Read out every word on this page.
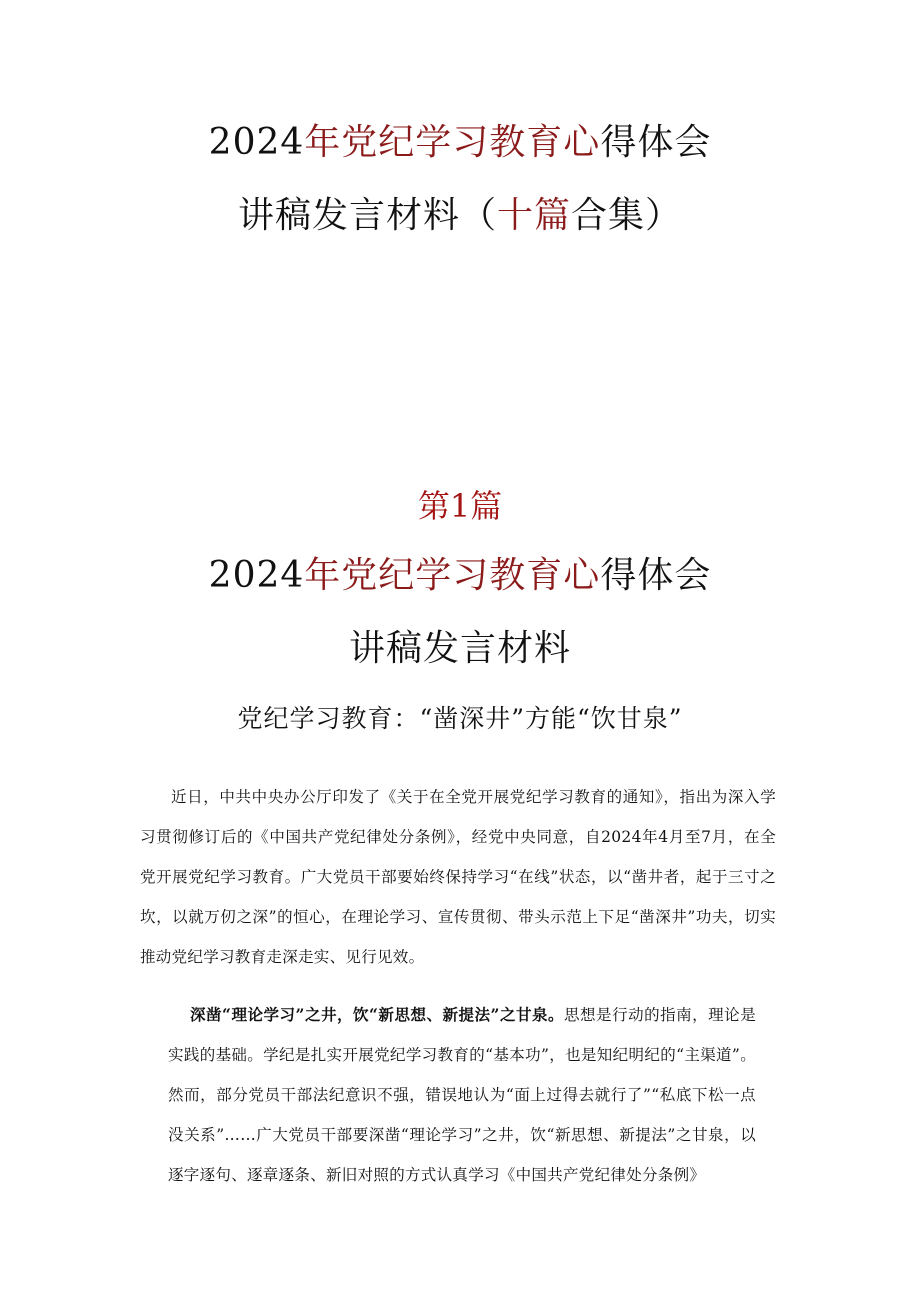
2024年党纪学习教育心得体会
讲稿发言材料（十篇合集）
第1篇
2024年党纪学习教育心得体会
讲稿发言材料
党纪学习教育：“凿深井”方能“饮甘泉”

近日，中共中央办公厅印发了《关于在全党开展党纪学习教育的通知》，指出为深入学习贯彻修订后的《中国共产党纪律处分条例》，经党中央同意，自2024年4月至7月，在全党开展党纪学习教育。广大党员干部要始终保持学习“在线”状态，以“凿井者，起于三寸之坎，以就万仞之深”的恒心，在理论学习、宣传贯彻、带头示范上下足“凿深井”功夫，切实推动党纪学习教育走深走实、见行见效。

深凿“理论学习”之井，饮“新思想、新提法”之甘泉。思想是行动的指南，理论是实践的基础。学纪是扎实开展党纪学习教育的“基本功”，也是知纪明纪的“主渠道”。然而，部分党员干部法纪意识不强，错误地认为“面上过得去就行了”“私底下松一点没关系”……广大党员干部要深凿“理论学习”之井，饮“新思想、新提法”之甘泉，以逐字逐句、逐章逐条、新旧对照的方式认真学习《中国共产党纪律处分条例》
